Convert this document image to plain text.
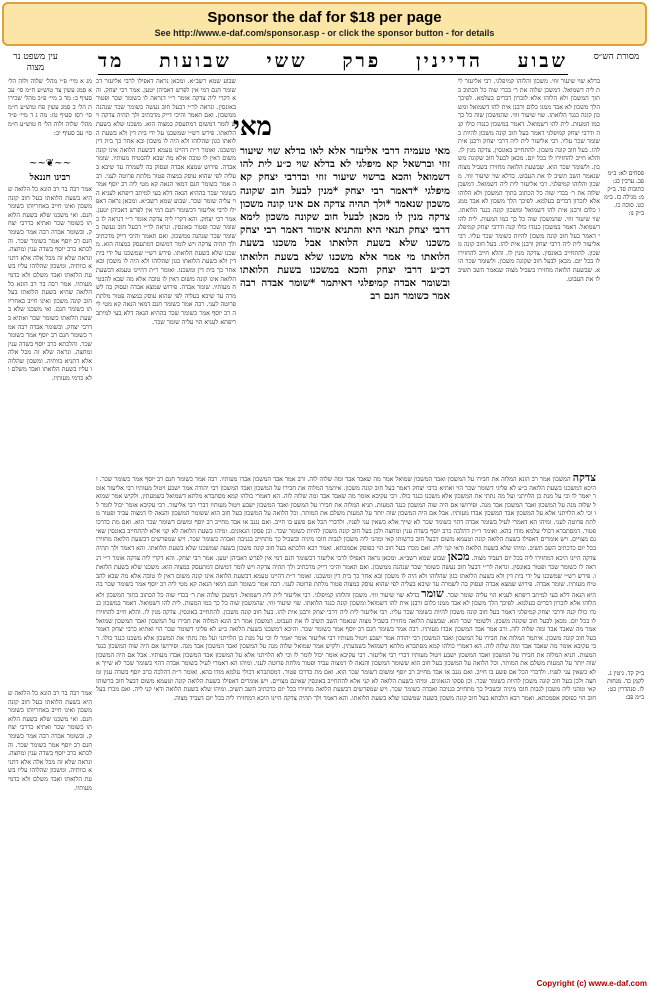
Sponsor the daf for $18 per page
See http://www.e-daf.com/sponsor.asp - or click the sponsor button - for details
מסורת הש״ס
עין משפט נר מצוה	שבוע
הדיינין
פרק
ששי
שבועות
מד
פסחים לא: ב״מ פב. ערכין כג: כתובות סד. ב״ק מ: מגילה כז. ב״מ כט. סוכה כו. ב״ק נו:
בדלא שוי שיעור זוזי. משכון והלוהו קמיפלגי. רבי אליעזר לית ליה דשמואל. דמשכן שלוה את ר׳ בכדי שוה כל הכתוב בתוך המשכון ולא הלוהו אלא לזכרון דברים בעלמא. לפיכך הלך משכון לא אבד ממנו כלום ורבנן אית להו דשמואל ומשכון קונה כנגד הלואתו. שוי שיעור זוזי. שהמשכון שוה כל כך כמו המעות. לית להו דשמואל. דאמר במשכון כנגדו כולו קנה ודרבי יצחק קמיפלגי דאמר בעל חוב קונה משכון להיות כשומר שכר עליו. רבי אליעזר לית ליה דרבי יצחק ורבנן אית להו. בעל חוב קונה משכון. להתחייב באונסין. צדקה מנין לו. והלא חייב להחזירו לו בכל יום. מכאן לבעל חוב שקונה משכון. ולשומר שכר הוא. שבשעת הלואה מחזירו בשביל מצוה שנאמר השב תשיב לו את העבוט. בדלא שוי שיעור זוזי. משכון והלוהו קמיפלגי. רבי אליעזר לית ליה דשמואל. דמשכן שלוה את ר׳ בכדי שוה כל הכתוב בתוך המשכון ולא הלוהו אלא לזכרון דברים בעלמא. לפיכך הלך משכון לא אבד ממנו כלום ורבנן אית להו דשמואל ומשכון קונה כנגד הלואתו. שוי שיעור זוזי. שהמשכון שוה כל כך כמו המעות. לית להו דשמואל. דאמר במשכון כנגדו כולו קנה ודרבי יצחק קמיפלגי דאמר בעל חוב קונה משכון להיות כשומר שכר עליו. רבי אליעזר לית ליה דרבי יצחק ורבנן אית להו. בעל חוב קונה משכון. להתחייב באונסין. צדקה מנין לו. והלא חייב להחזירו לו בכל יום. מכאן לבעל חוב שקונה משכון. ולשומר שכר הוא. שבשעת הלואה מחזירו בשביל מצוה שנאמר השב תשיב לו את העבוט.
מאי
מאי טעמיה דרבי אליעזר אלא לאו בדלא שוי שיעור זוזי וברשאל קא מיפלגי לא בדלא שוי כ״ע לית להו דשמואל והכא ברשוי שיעור זוזי ובדרבי יצחק קא מיפלגי *דאמר רבי יצחק *מנין לבעל חוב שקונה משכון שנאמר *ולך תהיה צדקה אם אינו קונה משכון צדקה מנין לו מכאן לבעל חוב שקונה משכון לימא דרבי יצחק תנאי היא והתניא אימור דאמר רבי יצחק משכנו שלא בשעת הלואתו אבל משכנו בשעת הלואתו מי אמר אלא משכנו שלא בשעת הלואתו דכ״ע דרבי יצחק והכא במשכנו בשעת הלואתו ובשומר אבדה קמיפלגי דאיתמר *שומר אבדה רבה אמר כשומר חנם רב
שבוע שמא רשב״א. ומכאן נראה דאפילו לרבי אליעזר דכשומר חנם דמי אין לפרש דאביהן יטען. אמר רבי יצחק. והא דקרי ליה צדקה אומר ר״י דנראה לו כשומר שכר ופטור באונסין. ונראה לר״י דבעל חוב נעשה כשומר שכר שנהנה ממשכון. ואם תאמר והיכי דייק מדכתיב ולך תהיה צדקה ויש לומר דמשום דמתעסק במצוה הוא. משכנו שלא בשעת הלואתו. פירש רש״י שמשכנו על ידי בית דין ולא בשעת הלואתו כגון שהלוהו ולא היה לו משכון ובא אחר כך בית דין ומשכנו. ואומר ר״ת דהיינו טעמא דבשעת הלואה אינו קונה משום דאין לו טובה אלא מה שבא להבטיח מעותיו. שומר אבדה. פירוש שמצא אבדה ועסוק בה לשמרה עד שיבא בעליה לפי שהוא עוסק במצוה פטור מלתת פרוטה לעני. רבה אמר כשומר חנם דמאי הנאה קא מטי ליה רב יוסף אמר כשומר שכר בההיא הנאה דלא בעי למיתב ריפתא לעניא הוי עליה שומר שכר. שבוע שמא רשב״א. ומכאן נראה דאפילו לרבי אליעזר דכשומר חנם דמי אין לפרש דאביהן יטען. אמר רבי יצחק. והא דקרי ליה צדקה אומר ר״י דנראה לו כשומר שכר ופטור באונסין. ונראה לר״י דבעל חוב נעשה כשומר שכר שנהנה ממשכון. ואם תאמר והיכי דייק מדכתיב ולך תהיה צדקה ויש לומר דמשום דמתעסק במצוה הוא. משכנו שלא בשעת הלואתו. פירש רש״י שמשכנו על ידי בית דין ולא בשעת הלואתו כגון שהלוהו ולא היה לו משכון ובא אחר כך בית דין ומשכנו. ואומר ר״ת דהיינו טעמא דבשעת הלואה אינו קונה משום דאין לו טובה אלא מה שבא להבטיח מעותיו. שומר אבדה. פירוש שמצא אבדה ועסוק בה לשמרה עד שיבא בעליה לפי שהוא עוסק במצוה פטור מלתת פרוטה לעני. רבה אמר כשומר חנם דמאי הנאה קא מטי ליה רב יוסף אמר כשומר שכר בההיא הנאה דלא בעי למיתב ריפתא לעניא הוי עליה שומר שכר.
מג א מיי׳ פ״י מהל׳ שלוה ולוה הל׳ א סמג עשין צד טוש״ע ח״מ סי׳ עב סעיף ב: מד ב מיי׳ פ״ב מהל׳ שכירות הל׳ ב סמג עשין פח טוש״ע ח״מ סי׳ רסז סעיף טז: מה ג ד מיי׳ פ״ד מהל׳ שלוה ולוה הל׳ ח טוש״ע ח״מ סי׳ עב סעיף יב:
~~❦~~
רבינו חננאל
אמר רבה בר רב הונא כל הלואה שהיא בשעת הלואתו בעל חוב קונה משכון ואינו חייב באחריותו כשומר חנם. ואי משכנו שלא בשעת הלואתו כשומר שכר ואתיא כדרבי יצחק. ובשומר אבדה רבה אמר כשומר חנם רב יוסף אמר כשומר שכר. והלכתא כרב יוסף בשדה ענין ומחצה. ונראה שלא זה מכל אלה אלא דתניא כוותיה. ומשכון שהלוהו עליו בשעת הלואתו ואבד משלם ולא כדמי מעותיו. אמר רבה בר רב הונא כל הלואה שהיא בשעת הלואתו בעל חוב קונה משכון ואינו חייב באחריותו כשומר חנם. ואי משכנו שלא בשעת הלואתו כשומר שכר ואתיא כדרבי יצחק. ובשומר אבדה רבה אמר כשומר חנם רב יוסף אמר כשומר שכר. והלכתא כרב יוסף בשדה ענין ומחצה. ונראה שלא זה מכל אלה אלא דתניא כוותיה. ומשכון שהלוהו עליו בשעת הלואתו ואבד משלם ולא כדמי מעותיו.
ב״ק קד. גיטין ג. לקמן כד. מנחות לו. סנהדרין כט: ב״מ פב:
צדקה המשכון אמר רב הונא המלוה את חבירו על המשכון ואבד המשכון שמואל אמר מה שאבד אבד ומה שלוה לוה. ורב אמר אבד המשכון אבדו מעותיו. רבה אמר כשומר חנם רב יוסף אמר כשומר שכר. והיכא דמשכנו בשעת הלואה כ״ע לא פליגי דשומר שכר הוי ואתיא כרבי יצחק דאמר בעל חוב קונה משכון. איתמר המלוה את חבירו על המשכון ואבד המשכון רבי יהודה אמר ישבע ויטול מעותיו רבי אליעזר אומר יאמר לו וכי על מנת כן הלויתני ועל מה נתתי את המשכון אלא משכנו כנגד כולו. רבי עקיבא אומר מה שאבד אבד ומה שלוה לוה. הא דאמרי כולהו קמא מסתברא מלתא דשמואל בשמעתין. ולקיש אמר שמואל שלוה מנה על המשכון ואבד המשכון אבד מנה. ופירושו אם היה שוה המשכון כנגד המעות. תניא המלוה את חבירו על המשכון ואבד המשכון ישבע ויטול מעותיו דברי רבי אליעזר. רבי עקיבא אומר יכול לומר לו וכי לא הלויתני אלא על המשכון אבד המשכון אבדו מעותיו. אבל אם היה המשכון שוה יותר על המעות משלם את המותר. וכל הלואה על המשכון בעל חוב הוא ששומר המשכון והנאה לו דמצוה עביד ופטור מלתת פרוטה לעני. ומיהו הא דאמרי לעיל בשומר אבדה דהוי כשומר שכר לא שייך אלא כשאין עני לפניו. ולדברי הכל אם פשע בו חייב. ואם נגנב או אבד מחייב רב יוסף ומשום דשומר שכר הוא. ואם מת כדרכו פטור. דמסתברא דכולי עלמא מודו בהא. ואומר ר״ת דהלכה כרב יוסף בשדה ענין ומחצה ולכן בעל חוב קונה משכון להיות כשומר שכר. וכן פסקו הגאונים. ומיהו בשעת הלואה לא קני אלא להתחייב באונסין שאינם מצויים. ויש אומרים דאפילו בשעת הלואה קונה וטעמא משום דבעל חוב ברשותו קאי ומהני ליה משכון לגבות חובו מיניה ובשביל כך מתחייב בגניבה ואבדה כשומר שכר. ויש שמפרשים דבשעת הלואה מחזירו בכל יום כדכתיב השב תשיב. ומיהו שלא בשעת הלואה ודאי קני ליה. ואם מכרו בעל חוב הוי כפוסק אסמכתא. ואמר רבא הלכתא בעל חוב קונה משכון בשעה שמשכנו שלא בשעת הלואתו. והא דאמר ולך תהיה צדקה היינו היכא דמחזירו ליה בכל יום דעביד מצוה. מכאן שבוע שמא רשב״א. ומכאן נראה דאפילו לרבי אליעזר דכשומר חנם דמי אין לפרש דאביהן יטען. אמר רבי יצחק. והא דקרי ליה צדקה אומר ר״י דנראה לו כשומר שכר ופטור באונסין. ונראה לר״י דבעל חוב נעשה כשומר שכר שנהנה ממשכון. ואם תאמר והיכי דייק מדכתיב ולך תהיה צדקה ויש לומר דמשום דמתעסק במצוה הוא. משכנו שלא בשעת הלואתו. פירש רש״י שמשכנו על ידי בית דין ולא בשעת הלואתו כגון שהלוהו ולא היה לו משכון ובא אחר כך בית דין ומשכנו. ואומר ר״ת דהיינו טעמא דבשעת הלואה אינו קונה משום דאין לו טובה אלא מה שבא להבטיח מעותיו. שומר אבדה. פירוש שמצא אבדה ועסוק בה לשמרה עד שיבא בעליה לפי שהוא עוסק במצוה פטור מלתת פרוטה לעני. רבה אמר כשומר חנם דמאי הנאה קא מטי ליה רב יוסף אמר כשומר שכר בההיא הנאה דלא בעי למיתב ריפתא לעניא הוי עליה שומר שכר. שומר בדלא שוי שיעור זוזי. משכון והלוהו קמיפלגי. רבי אליעזר לית ליה דשמואל. דמשכן שלוה את ר׳ בכדי שוה כל הכתוב בתוך המשכון ולא הלוהו אלא לזכרון דברים בעלמא. לפיכך הלך משכון לא אבד ממנו כלום ורבנן אית להו דשמואל ומשכון קונה כנגד הלואתו. שוי שיעור זוזי. שהמשכון שוה כל כך כמו המעות. לית להו דשמואל. דאמר במשכון כנגדו כולו קנה ודרבי יצחק קמיפלגי דאמר בעל חוב קונה משכון להיות כשומר שכר עליו. רבי אליעזר לית ליה דרבי יצחק ורבנן אית להו. בעל חוב קונה משכון. להתחייב באונסין. צדקה מנין לו. והלא חייב להחזירו לו בכל יום. מכאן לבעל חוב שקונה משכון. ולשומר שכר הוא. שבשעת הלואה מחזירו בשביל מצוה שנאמר השב תשיב לו את העבוט. המשכון אמר רב הונא המלוה את חבירו על המשכון ואבד המשכון שמואל אמר מה שאבד אבד ומה שלוה לוה. ורב אמר אבד המשכון אבדו מעותיו. רבה אמר כשומר חנם רב יוסף אמר כשומר שכר. והיכא דמשכנו בשעת הלואה כ״ע לא פליגי דשומר שכר הוי ואתיא כרבי יצחק דאמר בעל חוב קונה משכון. איתמר המלוה את חבירו על המשכון ואבד המשכון רבי יהודה אמר ישבע ויטול מעותיו רבי אליעזר אומר יאמר לו וכי על מנת כן הלויתני ועל מה נתתי את המשכון אלא משכנו כנגד כולו. רבי עקיבא אומר מה שאבד אבד ומה שלוה לוה. הא דאמרי כולהו קמא מסתברא מלתא דשמואל בשמעתין. ולקיש אמר שמואל שלוה מנה על המשכון ואבד המשכון אבד מנה. ופירושו אם היה שוה המשכון כנגד המעות. תניא המלוה את חבירו על המשכון ואבד המשכון ישבע ויטול מעותיו דברי רבי אליעזר. רבי עקיבא אומר יכול לומר לו וכי לא הלויתני אלא על המשכון אבד המשכון אבדו מעותיו. אבל אם היה המשכון שוה יותר על המעות משלם את המותר. וכל הלואה על המשכון בעל חוב הוא ששומר המשכון והנאה לו דמצוה עביד ופטור מלתת פרוטה לעני. ומיהו הא דאמרי לעיל בשומר אבדה דהוי כשומר שכר לא שייך אלא כשאין עני לפניו. ולדברי הכל אם פשע בו חייב. ואם נגנב או אבד מחייב רב יוסף ומשום דשומר שכר הוא. ואם מת כדרכו פטור. דמסתברא דכולי עלמא מודו בהא. ואומר ר״ת דהלכה כרב יוסף בשדה ענין ומחצה ולכן בעל חוב קונה משכון להיות כשומר שכר. וכן פסקו הגאונים. ומיהו בשעת הלואה לא קני אלא להתחייב באונסין שאינם מצויים. ויש אומרים דאפילו בשעת הלואה קונה וטעמא משום דבעל חוב ברשותו קאי ומהני ליה משכון לגבות חובו מיניה ובשביל כך מתחייב בגניבה ואבדה כשומר שכר. ויש שמפרשים דבשעת הלואה מחזירו בכל יום כדכתיב השב תשיב. ומיהו שלא בשעת הלואה ודאי קני ליה. ואם מכרו בעל חוב הוי כפוסק אסמכתא. ואמר רבא הלכתא בעל חוב קונה משכון בשעה שמשכנו שלא בשעת הלואתו. והא דאמר ולך תהיה צדקה היינו היכא דמחזירו ליה בכל יום דעביד מצוה.
אמר רבה בר רב הונא כל הלואה שהיא בשעת הלואתו בעל חוב קונה משכון ואינו חייב באחריותו כשומר חנם. ואי משכנו שלא בשעת הלואתו כשומר שכר ואתיא כדרבי יצחק. ובשומר אבדה רבה אמר כשומר חנם רב יוסף אמר כשומר שכר. והלכתא כרב יוסף בשדה ענין ומחצה. ונראה שלא זה מכל אלה אלא דתניא כוותיה. ומשכון שהלוהו עליו בשעת הלואתו ואבד משלם ולא כדמי מעותיו.
Copyright (c) www.e-daf.com
